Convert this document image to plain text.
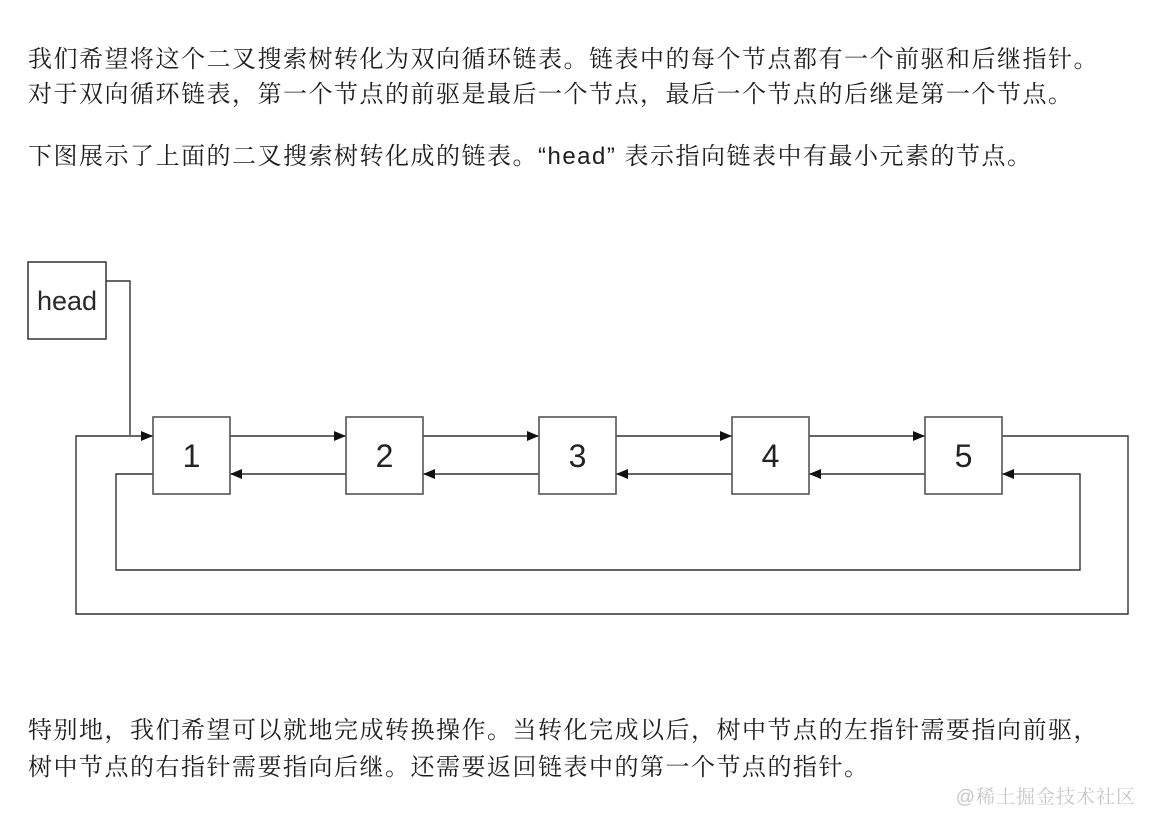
我们希望将这个二叉搜索树转化为双向循环链表。链表中的每个节点都有一个前驱和后继指针。
对于双向循环链表，第一个节点的前驱是最后一个节点，最后一个节点的后继是第一个节点。

下图展示了上面的二叉搜索树转化成的链表。“head” 表示指向链表中有最小元素的节点。

head
1	2	3	4	5

特别地，我们希望可以就地完成转换操作。当转化完成以后，树中节点的左指针需要指向前驱，
树中节点的右指针需要指向后继。还需要返回链表中的第一个节点的指针。

@稀土掘金技术社区
